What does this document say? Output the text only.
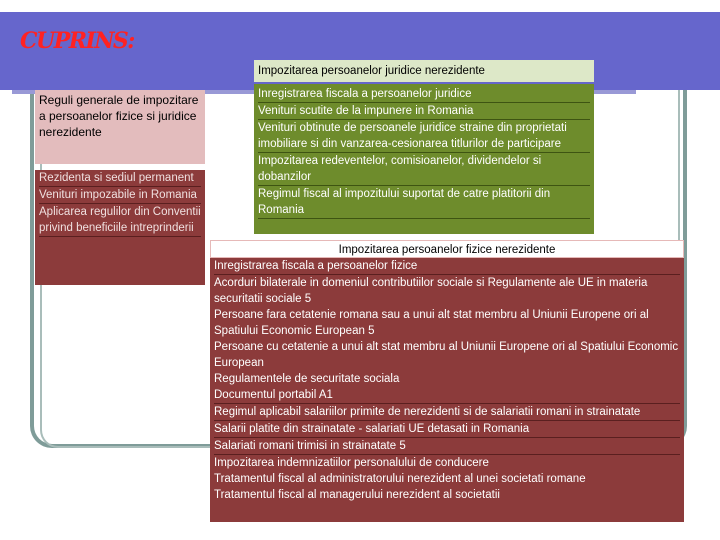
CUPRINS:
Impozitarea persoanelor juridice nerezidente
Inregistrarea fiscala a persoanelor juridice
Venituri scutite de la impunere in Romania
Venituri obtinute de persoanele juridice straine din proprietati imobiliare si din vanzarea-cesionarea titlurilor de participare
Impozitarea redeventelor, comisioanelor, dividendelor si dobanzilor
Regimul fiscal al impozitului suportat de catre platitorii din Romania
Reguli generale de impozitare a persoanelor fizice si juridice nerezidente
Rezidenta si sediul permanent
Venituri impozabile in Romania
Aplicarea regulilor din Conventii privind beneficiile intreprinderii
Impozitarea persoanelor fizice nerezidente
Inregistrarea fiscala a persoanelor fizice
Acorduri bilaterale in domeniul contributiilor sociale si Regulamente ale UE in materia securitatii sociale 5
Persoane fara cetatenie romana sau a unui alt stat membru al Uniunii Europene ori al Spatiului Economic European 5
Persoane cu cetatenie a unui alt stat membru al Uniunii Europene ori al Spatiului Economic European
Regulamentele de securitate sociala
Documentul portabil A1
Regimul aplicabil salariilor primite de nerezidenti si de salariatii romani in strainatate
Salarii platite din strainatate - salariati UE detasati in Romania
Salariati romani trimisi in strainatate 5
Impozitarea indemnizatiilor personalului de conducere
Tratamentul fiscal al administratorului nerezident al unei societati romane
Tratamentul fiscal al managerului nerezident al societatii
